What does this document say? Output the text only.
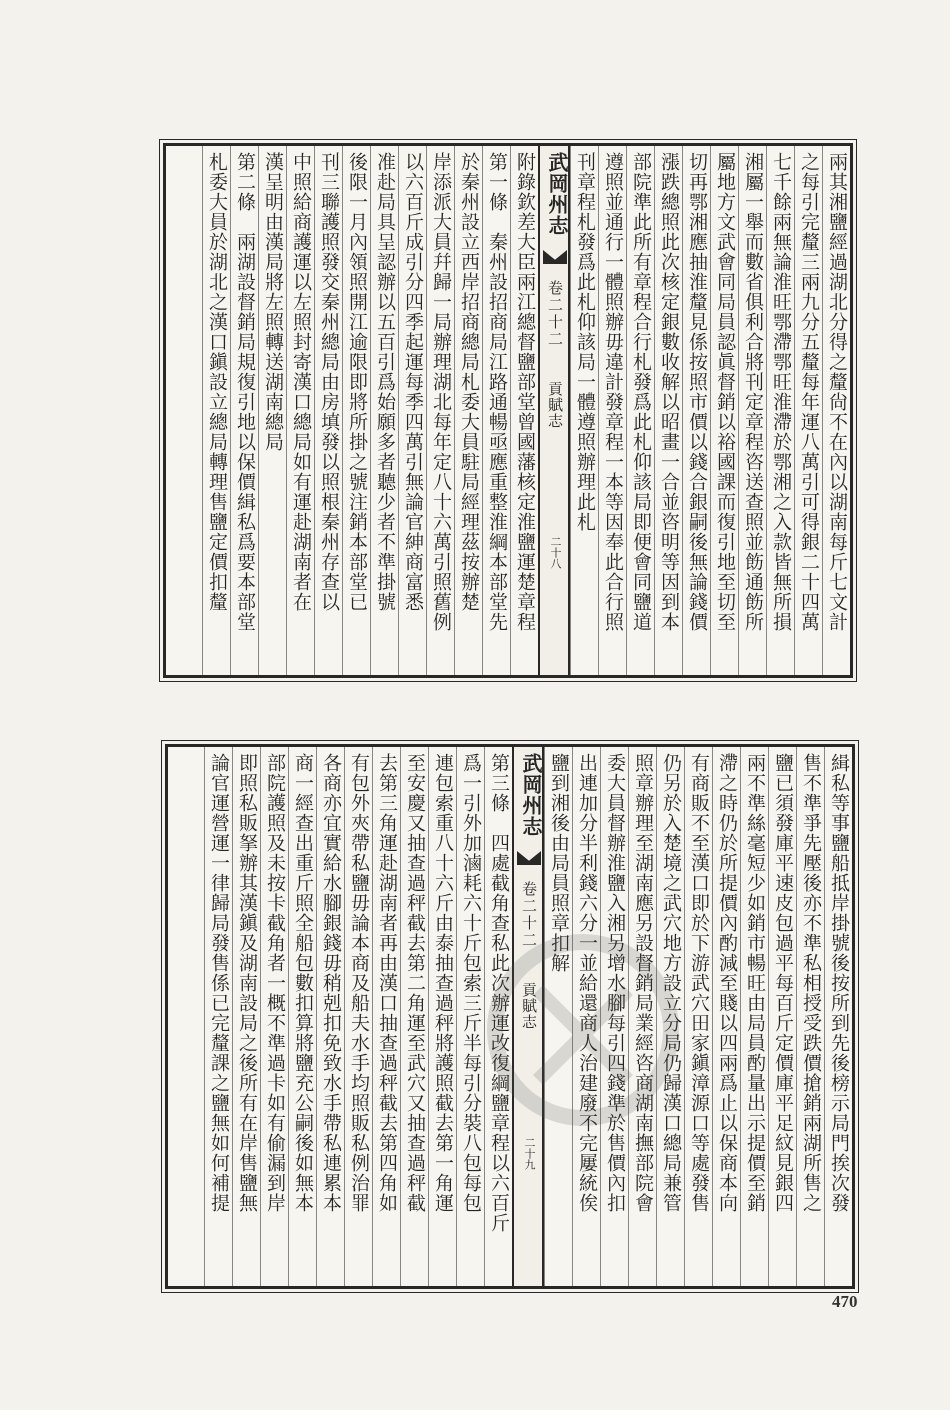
兩其湘鹽經過湖北分得之釐尙不在內以湖南每斤七文計
之每引完釐三兩九分五釐每年運八萬引可得銀二十四萬
七千餘兩無論淮旺鄂滯鄂旺淮滯於鄂湘之入款皆無所損
湘屬一舉而數省俱利合將刊定章程咨送查照並飭通飭所
屬地方文武會同局員認眞督銷以裕國課而復引地至切至
切再鄂湘應抽淮釐見係按照市價以錢合銀嗣後無論錢價
漲跌總照此次核定銀數收解以昭畫一合並咨明等因到本
部院準此所有章程合行札發爲此札仰該局即便會同鹽道
遵照並通行一體照辦毋違計發章程一本等因奉此合行照
刊章程札發爲此札仰該局一體遵照辦理此札
武岡州志
卷二十二
貢賦志
二十八
附錄欽差大臣兩江總督鹽部堂曾國藩核定淮鹽運楚章程
第一條　秦州設招商局江路通暢亟應重整淮綱本部堂先
於秦州設立西岸招商總局札委大員駐局經理茲按辦楚
岸添派大員幷歸一局辦理湖北每年定八十六萬引照舊例
以六百斤成引分四季起運每季四萬引無論官紳商富悉
准赴局具呈認辦以五百引爲始願多者聽少者不準掛號
後限一月內領照開江逾限即將所掛之號注銷本部堂已
刊三聯護照發交秦州總局由房填發以照根秦州存查以
中照給商護運以左照封寄漢口總局如有運赴湖南者在
漢呈明由漢局將左照轉送湖南總局
第二條　兩湖設督銷局規復引地以保價緝私爲要本部堂
札委大員於湖北之漢口鎭設立總局轉理售鹽定價扣釐
緝私等事鹽船抵岸掛號後按所到先後榜示局門挨次發
售不準爭先壓後亦不準私相授受跌價搶銷兩湖所售之
鹽已須發庫平速皮包過平每百斤定價庫平足紋見銀四
兩不準絲毫短少如銷市暢旺由局員酌量出示提價至銷
滯之時仍於所提價內酌減至賤以四兩爲止以保商本向
有商販不至漢口即於下游武穴田家鎭漳源口等處發售
仍另於入楚境之武穴地方設立分局仍歸漢口總局兼管
照章辦理至湖南應另設督銷局業經咨商湖南撫部院會
委大員督辦淮鹽入湘另增水腳每引四錢準於售價內扣
出連加分半利錢六分一並給還商人治建廢不完屢統俟
鹽到湘後由局員照章扣解
武岡州志
卷二十二
貢賦志
二十九
第三條　四處截角查私此次辦運改復綱鹽章程以六百斤
爲一引外加滷耗六十斤包索三斤半每引分裝八包每包
連包索重八十六斤由泰抽查過秤將護照截去第一角運
至安慶又抽查過秤截去第二角運至武穴又抽查過秤截
去第三角運赴湖南者再由漢口抽查過秤截去第四角如
有包外夾帶私鹽毋論本商及船夫水手均照販私例治罪
各商亦宜實給水腳銀錢毋稍剋扣免致水手帶私連累本
商一經查出重斤照全船包數扣算將鹽充公嗣後如無本
部院護照及未按卡截角者一概不準過卡如有偷漏到岸
即照私販拏辦其漢鎭及湖南設局之後所有在岸售鹽無
論官運營運一律歸局發售係已完釐課之鹽無如何補提
470
